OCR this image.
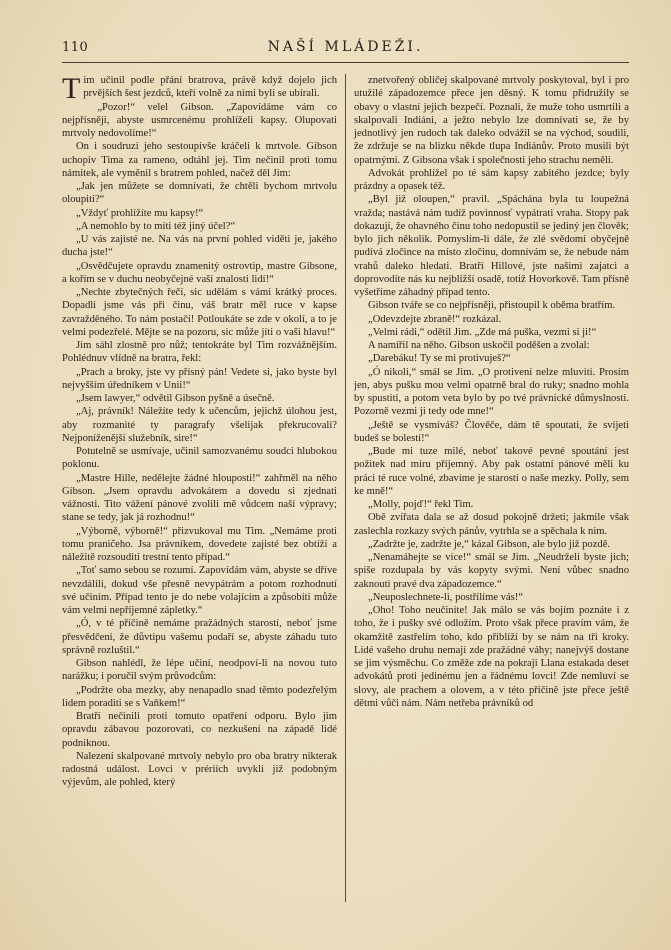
110	NAŠÍ MLÁDEŽI.

Tim učinil podle přání bratrova, právě když dojelo jich prvějších šest jezdců, kteří volně za nimi byli se ubírali.

„Pozor!“ velel Gibson. „Zapovídáme vám co nejpřísněji, abyste usmrcenému prohlíželi kapsy. Olupovati mrtvoly nedovolíme!“

On i soudruzi jeho sestoupivše kráčeli k mrtvole. Gibson uchopiv Tima za rameno, odtáhl jej. Tim nečinil proti tomu námitek, ale vyměnil s bratrem pohled, načež děl Jim:

„Jak jen můžete se domnívati, že chtěli bychom mrtvolu oloupiti?“

„Vždyť prohlížíte mu kapsy!“

„A nemohlo by to míti též jiný účel?“

„U vás zajisté ne. Na vás na první pohled viděti je, jakého ducha jste!“

„Osvědčujete opravdu znamenitý ostrovtip, mastre Gibsone, a kořím se v duchu neobyčejné vaší znalosti lidí!“

„Nechte zbytečných řečí, sic udělám s vámi krátký proces. Dopadli jsme vás při činu, váš bratr měl ruce v kapse zavražděného. To nám postačí! Potloukáte se zde v okolí, a to je velmi podezřelé. Mějte se na pozoru, sic může jíti o vaši hlavu!“

Jim sáhl zlostně pro nůž; tentokráte byl Tim rozvážnějším. Pohlédnuv vlídně na bratra, řekl:

„Prach a broky, jste vy přísný pán! Vedete si, jako byste byl nejvyšším úředníkem v Unii!“

„Jsem lawyer,“ odvětil Gibson pyšně a úsečně.

„Aj, právník! Náležíte tedy k učencům, jejichž úlohou jest, aby rozmanité ty paragrafy všelijak překrucovali? Nejponíženější služebník, sire!“

Potutelně se usmívaje, učinil samozvanému soudci hlubokou poklonu.

„Mastre Hille, nedělejte žádné hlouposti!“ zahřměl na něho Gibson. „Jsem opravdu advokátem a dovedu si zjednati vážnosti. Tito vážení pánové zvolili mě vůdcem naší výpravy; stane se tedy, jak já rozhodnu!“

„Výborně, výborně!“ přizvukoval mu Tim. „Nemáme proti tomu pranic̆eho. Jsa právníkem, dovedete zajisté bez obtíží a náležitě rozsouditi trestní tento případ.“

„Toť samo sebou se rozumí. Zapovídám vám, abyste se dříve nevzdálili, dokud vše přesně nevypátrám a potom rozhodnutí své učiním. Případ tento je do nebe volajícím a způsobiti může vám velmi nepříjemné zápletky.“

„Ó, v té příčině nemáme pražádných starostí, neboť jsme přesvědčeni, že důvtipu vašemu podaří se, abyste záhadu tuto správně rozluštil.“

Gibson nahlédl, že lépe učiní, neodpoví-li na novou tuto narážku; i poručil svým průvodcům:

„Podržte oba mezky, aby nenapadlo snad těmto podezřelým lidem poraditi se s Vaňkem!“

Bratří nečinili proti tomuto opatření odporu. Bylo jim opravdu zábavou pozorovati, co nezkušení na západě lidé podniknou.

Nalezení skalpované mrtvoly nebylo pro oba bratry nikterak radostná událost. Lovci v prériích uvykli již podobným výjevům, ale pohled, který

znetvořený obličej skalpované mrtvoly poskytoval, byl i pro utužilé západozemce přece jen děsný. K tomu přidružily se obavy o vlastní jejich bezpečí. Poznali, že muže toho usmrtili a skalpovali Indiáni, a ježto nebylo lze domnívati se, že by jednotlivý jen rudoch tak daleko odvážil se na východ, soudili, že zdržuje se na blízku někde tlupa Indiánův. Proto musili být opatrnými. Z Gibsona však i společnosti jeho strachu neměli.

Advokát prohlížel po té sám kapsy zabitého jezdce; byly prázdny a opasek též.

„Byl již oloupen,“ pravil. „Spáchána byla tu loupežná vražda; nastává nám tudíž povinnosť vypátrati vraha. Stopy pak dokazují, že ohavného činu toho nedopustil se jediný jen člověk; bylo jich několik. Pomyslím-li dále, že zlé svědomí obyčejně pudívá zločince na místo zločinu, domnívám se, že nebude nám vrahů daleko hledati. Bratří Hillové, jste našimi zajatci a doprovodíte nás ku nejbližší osadě, totiž Hovorkově. Tam přísně vyšetříme záhadný případ tento.

Gibson tváře se co nejpřísněji, přistoupil k oběma bratřím.

„Odevzdejte zbraně!“ rozkázal.

„Velmi rádi,“ odětil Jim. „Zde má puška, vezmi si ji!“

A namířil na něho. Gibson uskočil poděšen a zvolal:

„Darebáku! Ty se mi protivuješ?“

„Ó nikoli,“ smál se Jim. „O protivení nelze mluviti. Prosím jen, abys pušku mou velmi opatrně bral do ruky; snadno mohla by spustiti, a potom veta bylo by po tvé právnické důmyslnosti. Pozorně vezmi ji tedy ode mne!“

„Ještě se vysmíváš? Člověče, dám tě spoutati, že svíjeti budeš se bolestí!“

„Bude mi tuze milé, neboť takové pevné spoutání jest požitek nad míru příjemný. Aby pak ostatní pánové měli ku práci té ruce volné, zbavíme je starosti o naše mezky. Polly, sem ke mně!“

„Molly, pojď!“ řekl Tim.

Obě zvířata dala se až dosud pokojně držeti; jakmile však zaslechla rozkazy svých pánův, vytrhla se a spěchala k nim.

„Zadržte je, zadržte je,“ kázal Gibson, ale bylo již pozdě.

„Nenamáhejte se více!“ smál se Jim. „Neudrželi byste jich; spíše rozdupala by vás kopyty svými. Není vůbec snadno zaknouti pravé dva západozemce.“

„Neuposlechnete-li, postřílíme vás!“

„Oho! Toho neučiníte! Jak málo se vás bojím poznáte i z toho, že i pušky své odložím. Proto však přece pravím vám, že okamžitě zastřelím toho, kdo přiblíží by se nám na tři kroky. Lidé vašeho druhu nemají zde pražádné váhy; nanejvýš dostane se jim výsměchu. Co změže zde na pokraji Llana estakada deset advokátů proti jedinému jen a řádnému lovci! Zde nemluví se slovy, ale prachem a olovem, a v této příčině jste přece ještě dětmi vůči nám. Nám netřeba právníků od
